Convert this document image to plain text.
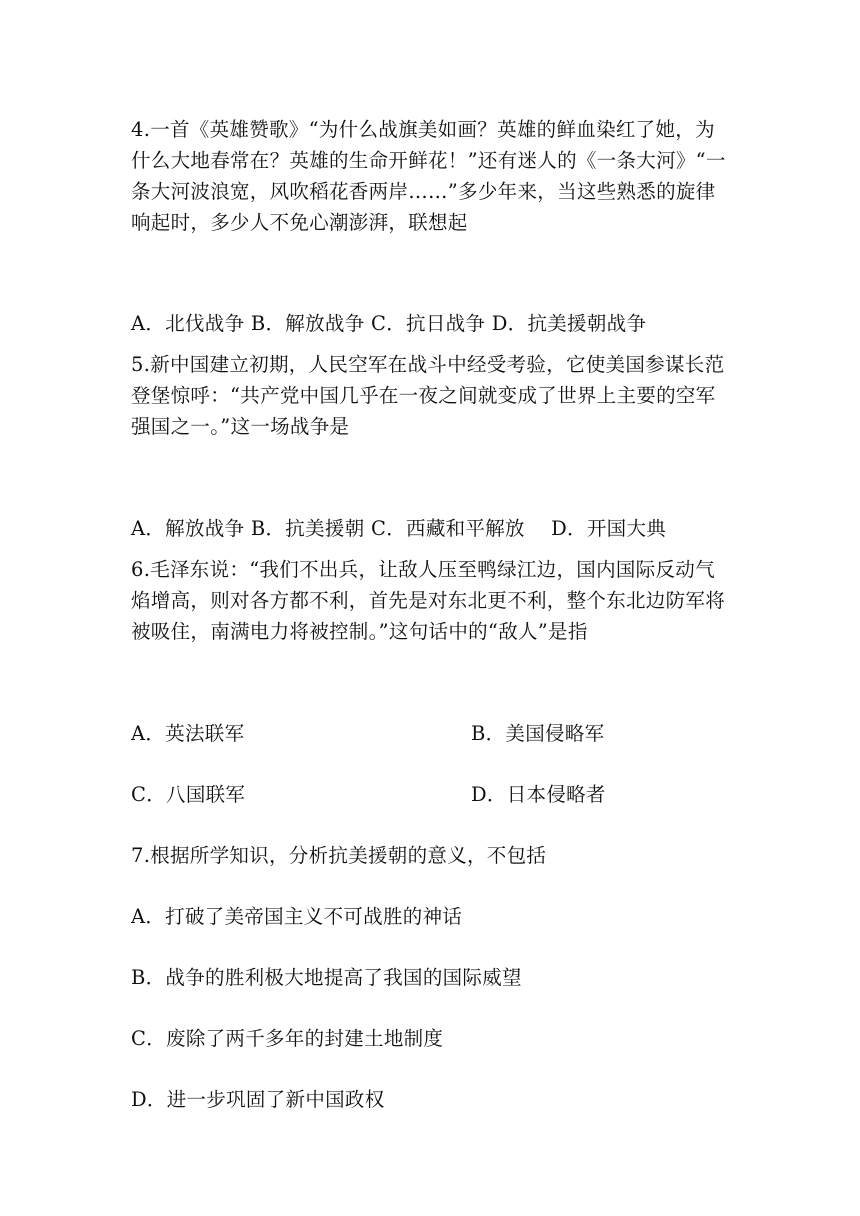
4.一首《英雄赞歌》“为什么战旗美如画？英雄的鲜血染红了她，为
什么大地春常在？英雄的生命开鲜花！”还有迷人的《一条大河》“一
条大河波浪宽，风吹稻花香两岸……”多少年来，当这些熟悉的旋律
响起时，多少人不免心潮澎湃，联想起
A．北伐战争 B．解放战争 C．抗日战争 D．抗美援朝战争
5.新中国建立初期，人民空军在战斗中经受考验，它使美国参谋长范
登堡惊呼：“共产党中国几乎在一夜之间就变成了世界上主要的空军
强国之一。”这一场战争是
A．解放战争 B．抗美援朝 C．西藏和平解放　 D．开国大典
6.毛泽东说：“我们不出兵，让敌人压至鸭绿江边，国内国际反动气
焰增高，则对各方都不利，首先是对东北更不利，整个东北边防军将
被吸住，南满电力将被控制。”这句话中的“敌人”是指
A．英法联军	B．美国侵略军
C．八国联军	D．日本侵略者
7.根据所学知识，分析抗美援朝的意义，不包括
A．打破了美帝国主义不可战胜的神话
B．战争的胜利极大地提高了我国的国际威望
C．废除了两千多年的封建土地制度
D．进一步巩固了新中国政权
